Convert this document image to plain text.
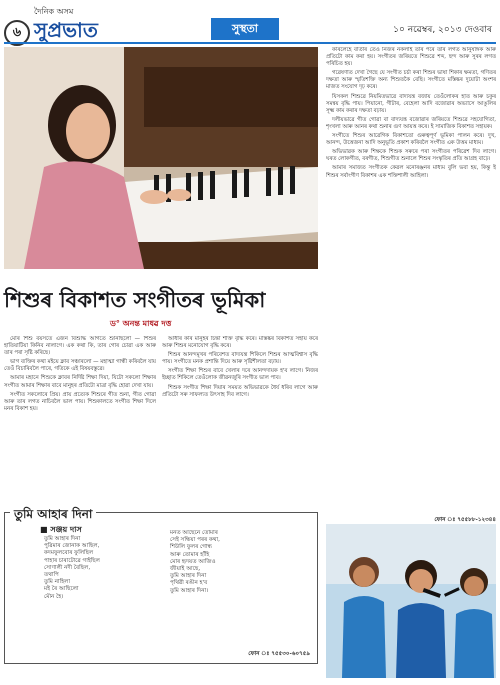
৬
দৈনিক অসম
সুপ্রভাত	সুস্থতা	১০ নৱেম্বৰ, ২০১৩ দেওবাৰ
শিশুৰ বিকাশত সংগীতৰ ভূমিকা
ড° অনন্ত মাধৱ দত্ত

মোৰ শিশু বয়সতে এজন বিশুদ্ধি আগতে শুনিছিলো — শিশুৰ হাতিয়াটিয়া কিনিব নালাগে। এক কথা কি, তাৰ গোৰ চোৱা এক আৰু তাৰ পৰা সৃষ্টি কৰিছে।

ভাগ ব্যক্তিৰ কথা মইয়ে ক্লাব সঞ্চাৰলো — মহাত্মা গান্ধী কৰিবলৈ যায় তেওঁ বিচাৰিবলৈ পাৰে, গতিকে এই বিষয়বস্তুৱে।

আমাৰ মহানে শিশুকে ক্লাবৰ নিৰ্দিষ্ট শিক্ষা দিয়া, যিটো সকলো শিক্ষাৰ সংগীত আমাৰ শিক্ষাৰ বাবে মানুহৰ প্ৰতিটো মাত্ৰা বৃদ্ধি হোৱা দেখা যায়।

সংগীত সকলোৰে প্ৰিয়। প্ৰায় প্ৰত্যেক শিশুৰে গীত শুনা, গীত গোৱা আৰু তাৰ লগত নাচিবলৈ ভাল পায়। শিশুকালতে সংগীত শিক্ষা দিলে মনৰ বিকাশ হয়।

আধাৰ কৰি মানুহৰ চিন্তা শক্তি বৃদ্ধি কৰে। মস্তিষ্কৰ বিকাশত সহায় কৰে আৰু শিশুৰ মনোযোগ বৃদ্ধি কৰে।

শিশুৰ আনন্দমূখৰ পৰিবেশত বাদ্যযন্ত্ৰ শিকিলে শিশুৰ আত্মবিশ্বাস বৃদ্ধি পায়। সংগীতে মনক প্ৰশান্তি দিয়ে আৰু সৃষ্টিশীলতা বঢ়ায়।

সংগীত শিক্ষা শিশুৰ বাবে খেলাৰ দৰে আনন্দদায়ক হ'ব লাগে। নিজৰ ইচ্ছাত শিকিলে তেওঁলোক জীৱনজুৰি সংগীত ভাল পাব।

শিশুক সংগীত শিক্ষা দিয়াৰ সময়ত অভিভাৱকে ধৈৰ্য ধৰিব লাগে আৰু প্ৰতিটো সৰু সাফল্যত উৎসাহ দিব লাগে।

কৰিলেহে বাৰ্তাৰ তেওঁ নিজৰ নকলাই তাৰ পৰে তাৰ লগত আনুষঙ্গিক আৰু প্ৰতিটো কাম কৰা হয়। সংগীতৰ জৰিয়তে শিশুৱে শব্দ, ছন্দ আৰু সুৰৰ লগত পৰিচিত হয়।

গৱেষণাত দেখা গৈছে যে সংগীত চৰ্চা কৰা শিশুৰ ভাষা শিকাৰ ক্ষমতা, গণিতৰ দক্ষতা আৰু স্মৃতিশক্তি অন্য শিশুতকৈ বেছি। সংগীতে মস্তিষ্কৰ দুয়োটা অংশৰ মাজত সংযোগ দৃঢ় কৰে।

যিসকল শিশুৱে নিয়মিতভাৱে বাদ্যযন্ত্ৰ বজায় তেওঁলোকৰ হাত আৰু চকুৰ সমন্বয় বৃদ্ধি পায়। পিয়ানো, গীটাৰ, বেহেলা আদি বজোৱাৰ অভ্যাসে আঙুলিৰ সূক্ষ্ম কাম কৰাৰ দক্ষতা বঢ়ায়।

দলীয়ভাৱে গীত গোৱা বা বাদ্যযন্ত্ৰ বজোৱাৰ জৰিয়তে শিশুৱে সহযোগিতা, শৃংখলা আৰু আনৰ কথা শুনাৰ গুণ আয়ত্ত কৰে। ই সামাজিক বিকাশত সহায়ক।

সংগীতে শিশুৰ আৱেগিক বিকাশতো গুৰুত্বপূৰ্ণ ভূমিকা পালন কৰে। দুখ, আনন্দ, উত্তেজনা আদি অনুভূতি প্ৰকাশ কৰিবলৈ সংগীত এক উত্তম মাধ্যম।

অভিভাৱক আৰু শিক্ষকে শিশুক সৰুৰে পৰা সংগীতৰ পৰিৱেশ দিব লাগে। ঘৰত লোকগীত, বৰগীত, শিশুগীত শুনালে শিশুৰ সংস্কৃতিৰ প্ৰতি আগ্ৰহ বাঢ়ে।

আমাৰ সমাজত সংগীতক কেৱল মনোৰঞ্জনৰ মাধ্যম বুলি ভবা হয়, কিন্তু ই শিশুৰ সৰ্বাংগীণ বিকাশৰ এক শক্তিশালী আহিলা।

ফোন ঃ ৭৫৫৮৮-১২৩৪৪
তুমি আহাৰ দিনা
■ সঞ্জয় দাস
তুমি আহাৰ দিনা
পুৱিমাৰ জোনাক আছিল,
কদমফুলবোৰ ফুলিছিল
পাহাৰ চাৰাটোৱে গাইছিল
সোণালী নদী বৈছিল,
তথাপি
তুমি নাহিলা
মই ৰৈ আছিলো
মৌন হৈ।
মনত আছেনে তোমাৰ
সেই সন্ধিয়া পৰৰ কথা,
শিউলি ফুলৰ গোন্ধ
আৰু তোমাৰ হাঁহি
মোৰ হৃদয়ত আজিও
জীয়াই আছে,
তুমি আহাৰ দিনা
পৃথিৱী ৰঙীন হ'ব
তুমি আহাৰ দিনা।
ফোন ঃ ৭৫৫৩০-৬০৭৫৯
